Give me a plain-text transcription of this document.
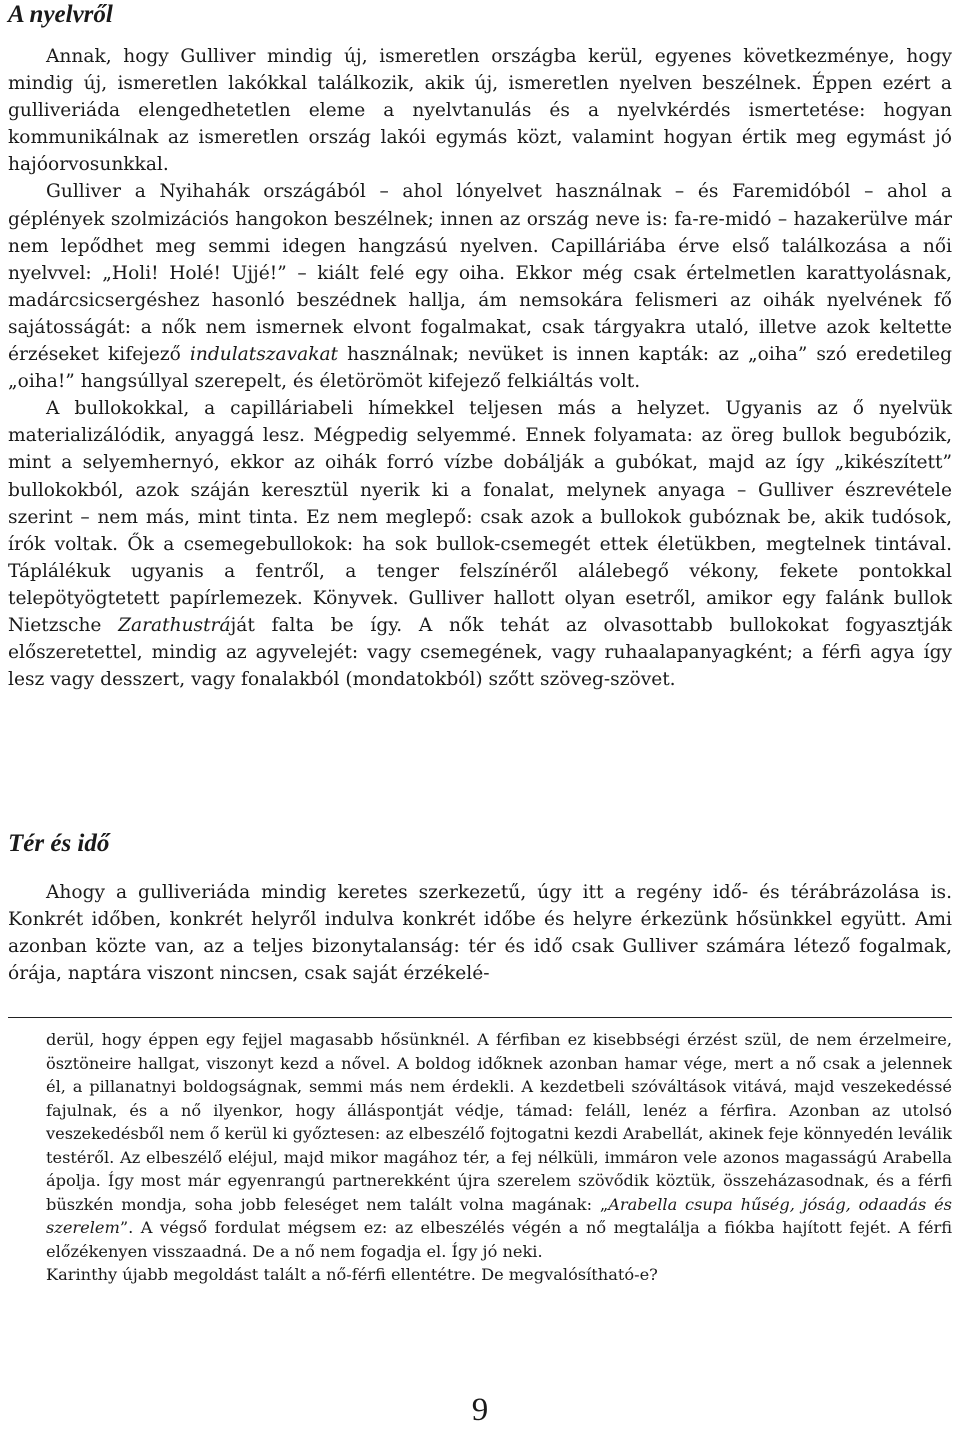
A nyelvről

Annak, hogy Gulliver mindig új, ismeretlen országba kerül, egyenes következménye, hogy mindig új, ismeretlen lakókkal találkozik, akik új, ismeretlen nyelven beszélnek. Éppen ezért a gulliveriáda elengedhetetlen eleme a nyelvtanulás és a nyelvkérdés ismertetése: hogyan kommunikálnak az ismeretlen ország lakói egymás közt, valamint hogyan értik meg egymást jó hajóorvosunkkal.

Gulliver a Nyihahák országából – ahol lónyelvet használnak – és Faremidóból – ahol a géplények szolmizációs hangokon beszélnek; innen az ország neve is: fa-re-midó – hazakerülve már nem lepődhet meg semmi idegen hangzású nyelven. Capilláriába érve első találkozása a női nyelvvel: „Holi! Holé! Ujjé!” – kiált felé egy oiha. Ekkor még csak értelmetlen karattyolásnak, madárcsicsergéshez hasonló beszédnek hallja, ám nemsokára felismeri az oihák nyelvének fő sajátosságát: a nők nem ismernek elvont fogalmakat, csak tárgyakra utaló, illetve azok keltette érzéseket kifejező indulatszavakat használnak; nevüket is innen kapták: az „oiha” szó eredetileg „oiha!” hangsúllyal szerepelt, és életörömöt kifejező felkiáltás volt.

A bullokokkal, a capilláriabeli hímekkel teljesen más a helyzet. Ugyanis az ő nyelvük materializálódik, anyaggá lesz. Mégpedig selyemmé. Ennek folyamata: az öreg bullok begubózik, mint a selyemhernyó, ekkor az oihák forró vízbe dobálják a gubókat, majd az így „kikészített” bullokokból, azok száján keresztül nyerik ki a fonalat, melynek anyaga – Gulliver észrevétele szerint – nem más, mint tinta. Ez nem meglepő: csak azok a bullokok gubóznak be, akik tudósok, írók voltak. Ők a csemegebullokok: ha sok bullok-csemegét ettek életükben, megtelnek tintával. Táplálékuk ugyanis a fentről, a tenger felszínéről alálebegő vékony, fekete pontokkal telepötyögtetett papírlemezek. Könyvek. Gulliver hallott olyan esetről, amikor egy falánk bullok Nietzsche Zarathustráját falta be így. A nők tehát az olvasottabb bullokokat fogyasztják előszeretettel, mindig az agyvelejét: vagy csemegének, vagy ruhaalapanyagként; a férfi agya így lesz vagy desszert, vagy fonalakból (mondatokból) szőtt szöveg-szövet.

Tér és idő

Ahogy a gulliveriáda mindig keretes szerkezetű, úgy itt a regény idő- és térábrázolása is. Konkrét időben, konkrét helyről indulva konkrét időbe és helyre érkezünk hősünkkel együtt. Ami azonban közte van, az a teljes bizonytalanság: tér és idő csak Gulliver számára létező fogalmak, órája, naptára viszont nincsen, csak saját érzékelé-

derül, hogy éppen egy fejjel magasabb hősünknél. A férfiban ez kisebbségi érzést szül, de nem érzelmeire, ösztöneire hallgat, viszonyt kezd a nővel. A boldog időknek azonban hamar vége, mert a nő csak a jelennek él, a pillanatnyi boldogságnak, semmi más nem érdekli. A kezdetbeli szóváltások vitává, majd veszekedéssé fajulnak, és a nő ilyenkor, hogy álláspontját védje, támad: feláll, lenéz a férfira. Azonban az utolsó veszekedésből nem ő kerül ki győztesen: az elbeszélő fojtogatni kezdi Arabellát, akinek feje könnyedén leválik testéről. Az elbeszélő eléjul, majd mikor magához tér, a fej nélküli, immáron vele azonos magasságú Arabella ápolja. Így most már egyenrangú partnerekként újra szerelem szövődik köztük, összeházasodnak, és a férfi büszkén mondja, soha jobb feleséget nem talált volna magának: „Arabella csupa hűség, jóság, odaadás és szerelem”. A végső fordulat mégsem ez: az elbeszélés végén a nő megtalálja a fiókba hajított fejét. A férfi előzékenyen visszaadná. De a nő nem fogadja el. Így jó neki.

Karinthy újabb megoldást talált a nő-férfi ellentétre. De megvalósítható-e?

9
